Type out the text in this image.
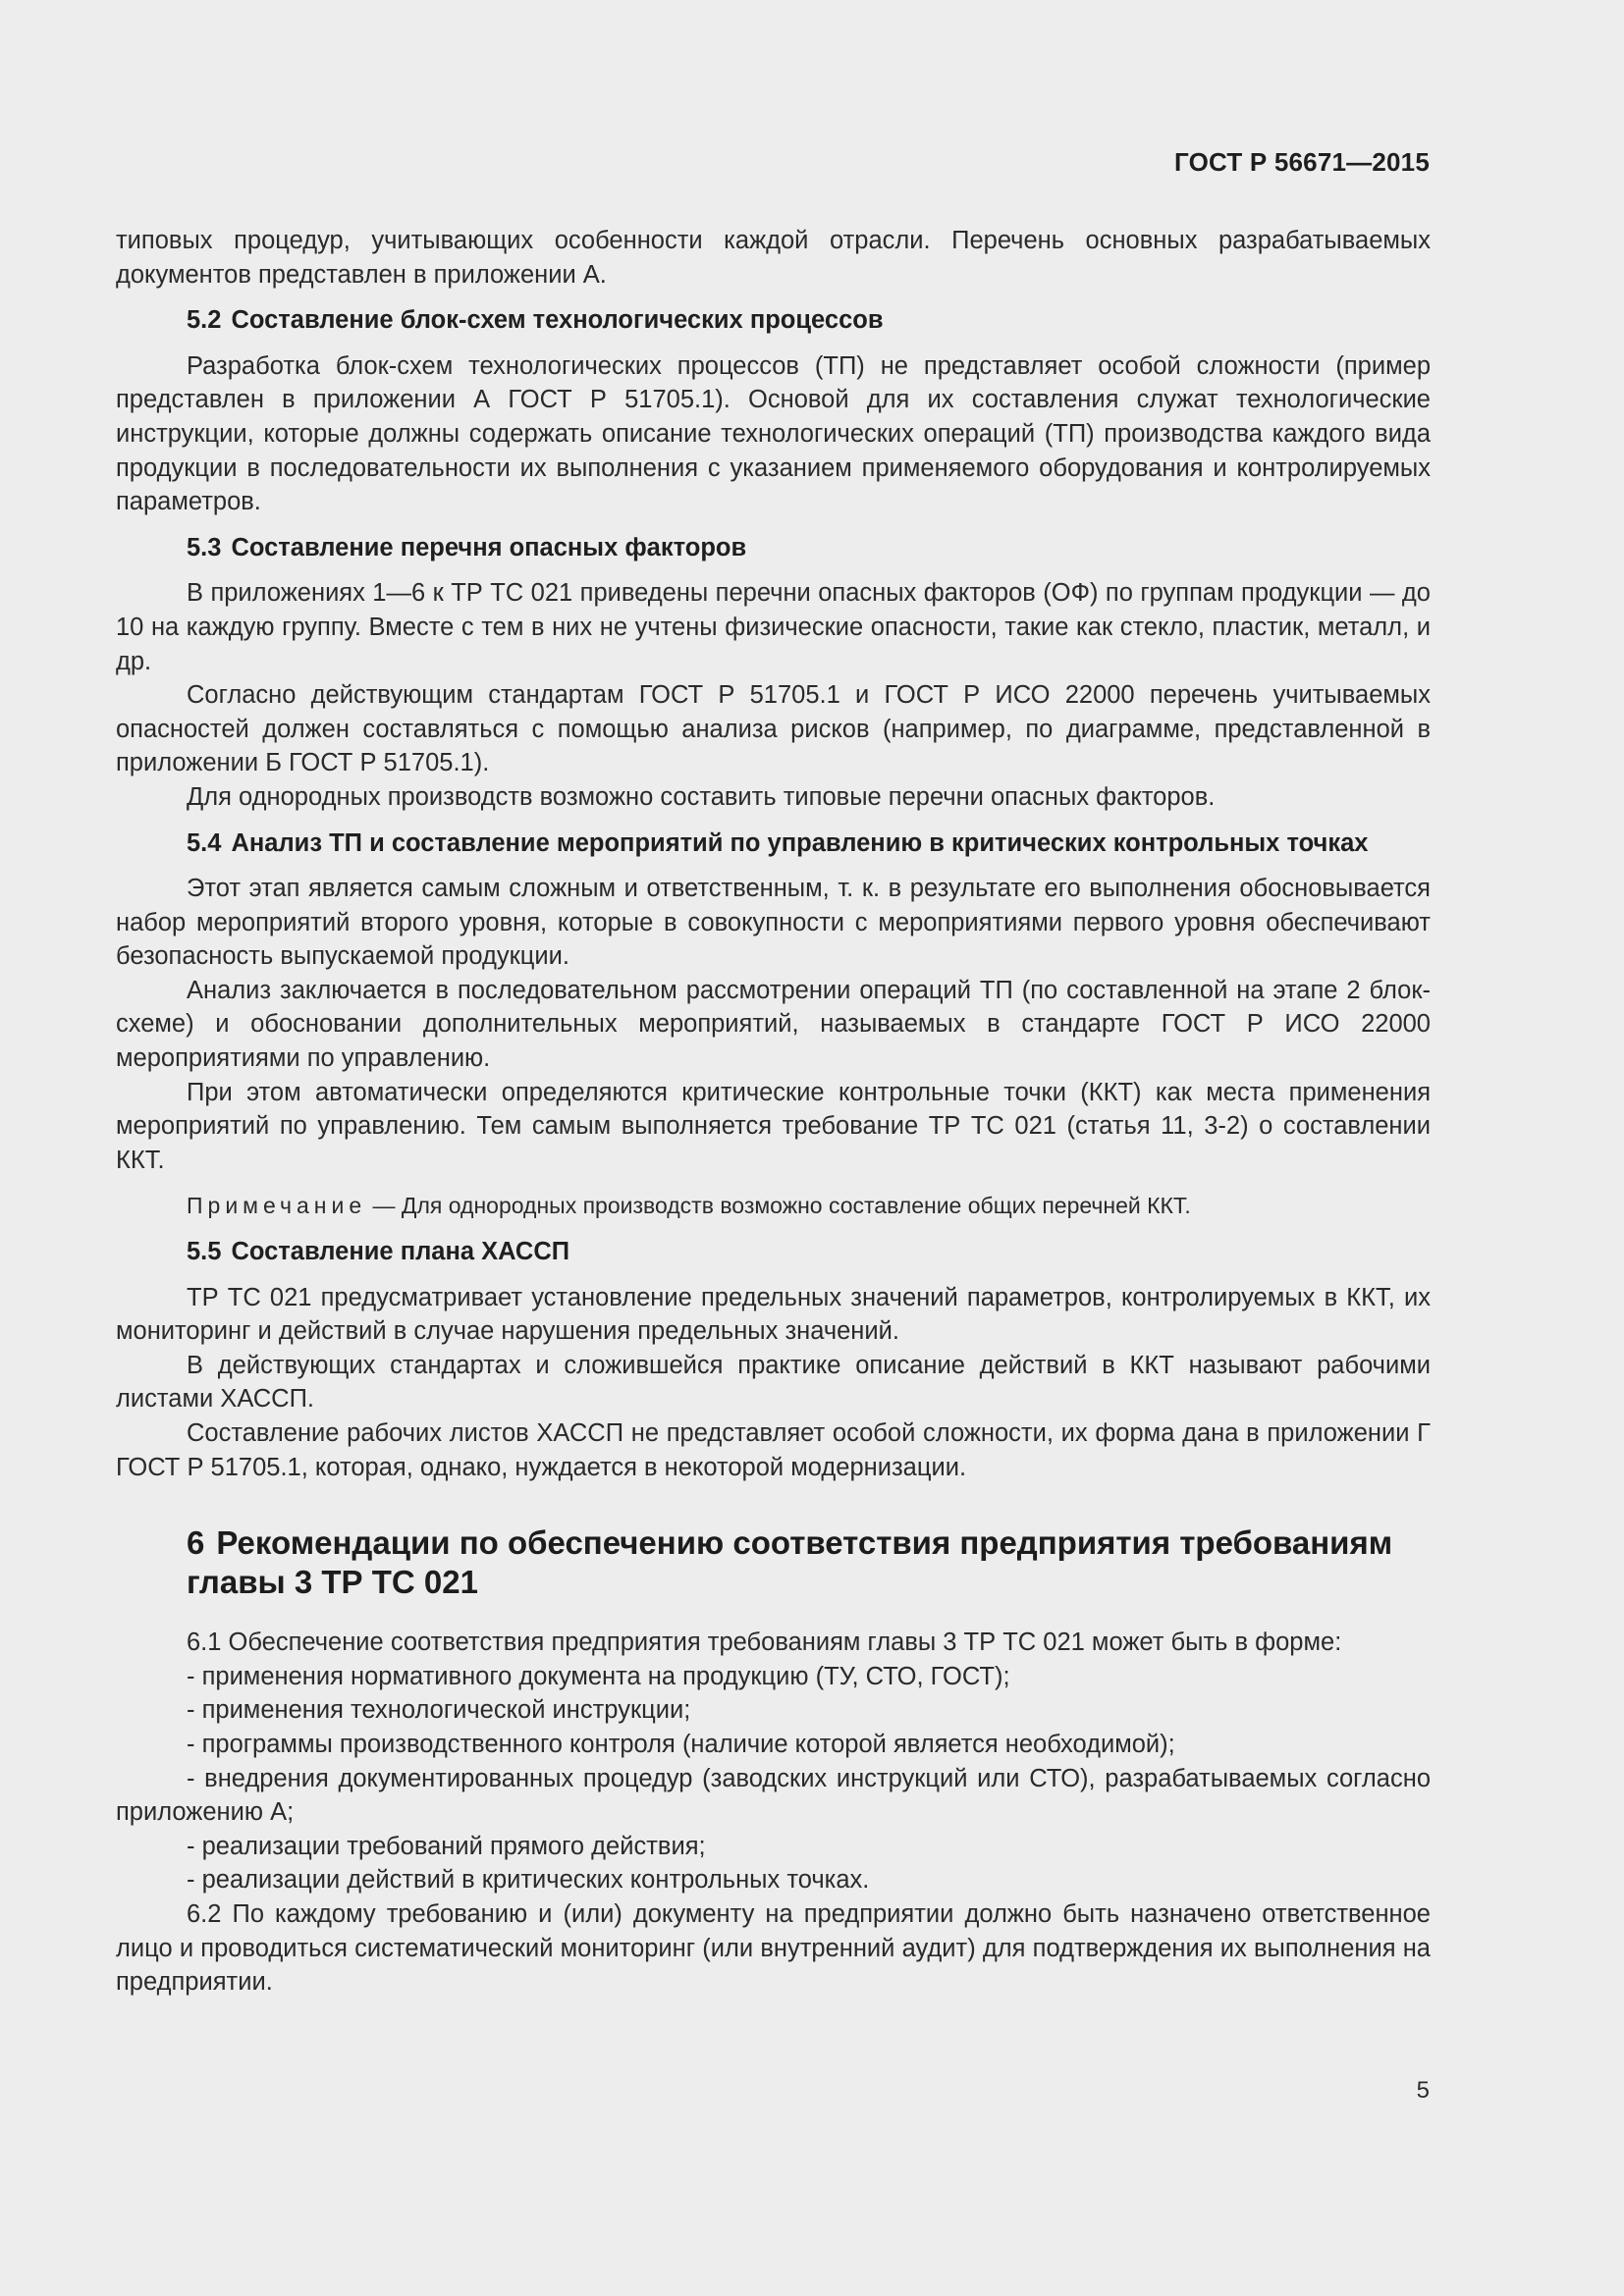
ГОСТ Р 56671—2015

типовых процедур, учитывающих особенности каждой отрасли. Перечень основных разрабатываемых документов представлен в приложении А.

5.2 Составление блок-схем технологических процессов

Разработка блок-схем технологических процессов (ТП) не представляет особой сложности (пример представлен в приложении А ГОСТ Р 51705.1). Основой для их составления служат технологические инструкции, которые должны содержать описание технологических операций (ТП) производства каждого вида продукции в последовательности их выполнения с указанием применяемого оборудования и контролируемых параметров.

5.3 Составление перечня опасных факторов

В приложениях 1—6 к ТР ТС 021 приведены перечни опасных факторов (ОФ) по группам продукции — до 10 на каждую группу. Вместе с тем в них не учтены физические опасности, такие как стекло, пластик, металл, и др.

Согласно действующим стандартам ГОСТ Р 51705.1 и ГОСТ Р ИСО 22000 перечень учитываемых опасностей должен составляться с помощью анализа рисков (например, по диаграмме, представленной в приложении Б ГОСТ Р 51705.1).

Для однородных производств возможно составить типовые перечни опасных факторов.

5.4 Анализ ТП и составление мероприятий по управлению в критических контрольных точках

Этот этап является самым сложным и ответственным, т. к. в результате его выполнения обосновывается набор мероприятий второго уровня, которые в совокупности с мероприятиями первого уровня обеспечивают безопасность выпускаемой продукции.

Анализ заключается в последовательном рассмотрении операций ТП (по составленной на этапе 2 блок-схеме) и обосновании дополнительных мероприятий, называемых в стандарте ГОСТ Р ИСО 22000 мероприятиями по управлению.

При этом автоматически определяются критические контрольные точки (ККТ) как места применения мероприятий по управлению. Тем самым выполняется требование ТР ТС 021 (статья 11, 3-2) о составлении ККТ.

Примечание — Для однородных производств возможно составление общих перечней ККТ.

5.5 Составление плана ХАССП

ТР ТС 021 предусматривает установление предельных значений параметров, контролируемых в ККТ, их мониторинг и действий в случае нарушения предельных значений.

В действующих стандартах и сложившейся практике описание действий в ККТ называют рабочими листами ХАССП.

Составление рабочих листов ХАССП не представляет особой сложности, их форма дана в приложении Г ГОСТ Р 51705.1, которая, однако, нуждается в некоторой модернизации.

6 Рекомендации по обеспечению соответствия предприятия требованиям главы 3 ТР ТС 021

6.1 Обеспечение соответствия предприятия требованиям главы 3 ТР ТС 021 может быть в форме:

- применения нормативного документа на продукцию (ТУ, СТО, ГОСТ);

- применения технологической инструкции;

- программы производственного контроля (наличие которой является необходимой);

- внедрения документированных процедур (заводских инструкций или СТО), разрабатываемых согласно приложению А;

- реализации требований прямого действия;

- реализации действий в критических контрольных точках.

6.2 По каждому требованию и (или) документу на предприятии должно быть назначено ответственное лицо и проводиться систематический мониторинг (или внутренний аудит) для подтверждения их выполнения на предприятии.

5
